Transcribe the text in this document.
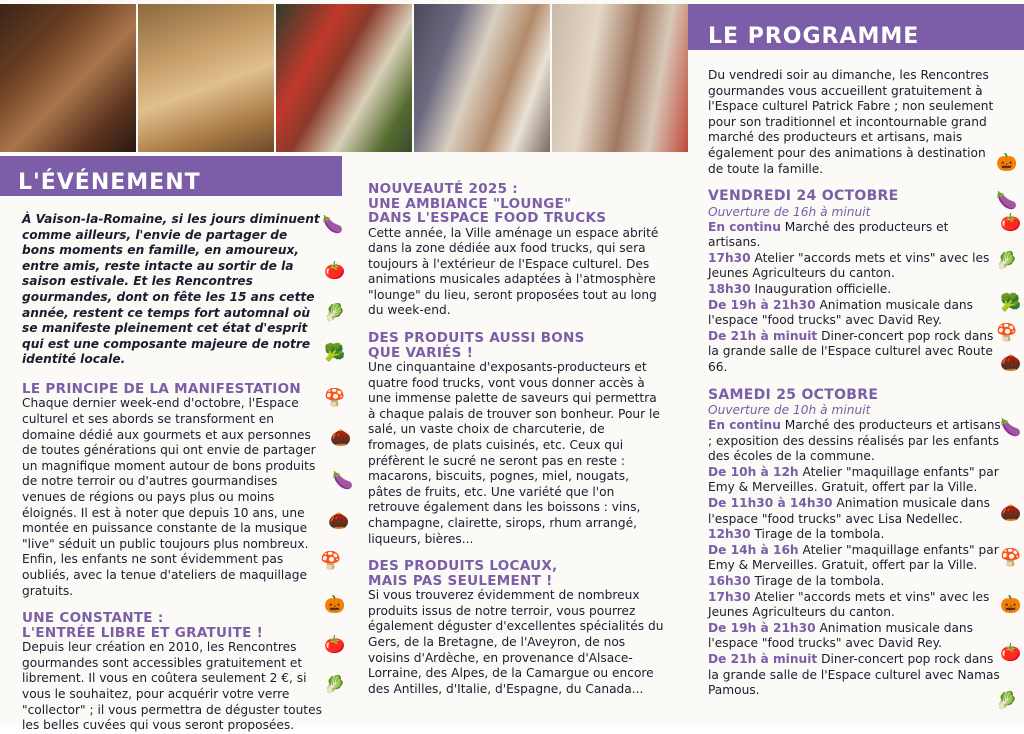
L'ÉVÉNEMENT
LE PROGRAMME

À Vaison-la-Romaine, si les jours diminuent comme ailleurs, l'envie de partager de bons moments en famille, en amoureux, entre amis, reste intacte au sortir de la saison estivale. Et les Rencontres gourmandes, dont on fête les 15 ans cette année, restent ce temps fort automnal où se manifeste pleinement cet état d'esprit qui est une composante majeure de notre identité locale.

LE PRINCIPE DE LA MANIFESTATION

Chaque dernier week-end d'octobre, l'Espace culturel et ses abords se transforment en domaine dédié aux gourmets et aux personnes de toutes générations qui ont envie de partager un magnifique moment autour de bons produits de notre terroir ou d'autres gourmandises venues de régions ou pays plus ou moins éloignés. Il est à noter que depuis 10 ans, une montée en puissance constante de la musique "live" séduit un public toujours plus nombreux. Enfin, les enfants ne sont évidemment pas oubliés, avec la tenue d'ateliers de maquillage gratuits.

UNE CONSTANTE :
L'ENTRÉE LIBRE ET GRATUITE !

Depuis leur création en 2010, les Rencontres gourmandes sont accessibles gratuitement et librement. Il vous en coûtera seulement 2 €, si vous le souhaitez, pour acquérir votre verre "collector" ; il vous permettra de déguster toutes les belles cuvées qui vous seront proposées.

NOUVEAUTÉ 2025 :
UNE AMBIANCE "LOUNGE"
DANS L'ESPACE FOOD TRUCKS

Cette année, la Ville aménage un espace abrité dans la zone dédiée aux food trucks, qui sera toujours à l'extérieur de l'Espace culturel. Des animations musicales adaptées à l'atmosphère "lounge" du lieu, seront proposées tout au long du week-end.

DES PRODUITS AUSSI BONS
QUE VARIÉS !

Une cinquantaine d'exposants-producteurs et quatre food trucks, vont vous donner accès à une immense palette de saveurs qui permettra à chaque palais de trouver son bonheur. Pour le salé, un vaste choix de charcuterie, de fromages, de plats cuisinés, etc. Ceux qui préfèrent le sucré ne seront pas en reste : macarons, biscuits, pognes, miel, nougats, pâtes de fruits, etc. Une variété que l'on retrouve également dans les boissons : vins, champagne, clairette, sirops, rhum arrangé, liqueurs, bières...

DES PRODUITS LOCAUX,
MAIS PAS SEULEMENT !

Si vous trouverez évidemment de nombreux produits issus de notre terroir, vous pourrez également déguster d'excellentes spécialités du Gers, de la Bretagne, de l'Aveyron, de nos voisins d'Ardèche, en provenance d'Alsace-Lorraine, des Alpes, de la Camargue ou encore des Antilles, d'Italie, d'Espagne, du Canada...

Du vendredi soir au dimanche, les Rencontres gourmandes vous accueillent gratuitement à l'Espace culturel Patrick Fabre ; non seulement pour son traditionnel et incontournable grand marché des producteurs et artisans, mais également pour des animations à destination de toute la famille.

VENDREDI 24 OCTOBRE
Ouverture de 16h à minuit

En continu Marché des producteurs et artisans.

17h30 Atelier "accords mets et vins" avec les Jeunes Agriculteurs du canton.

18h30 Inauguration officielle.

De 19h à 21h30 Animation musicale dans l'espace "food trucks" avec David Rey.

De 21h à minuit Diner-concert pop rock dans la grande salle de l'Espace culturel avec Route 66.

SAMEDI 25 OCTOBRE
Ouverture de 10h à minuit

En continu Marché des producteurs et artisans ; exposition des dessins réalisés par les enfants des écoles de la commune.

De 10h à 12h Atelier "maquillage enfants" par Emy & Merveilles. Gratuit, offert par la Ville.

De 11h30 à 14h30 Animation musicale dans l'espace "food trucks" avec Lisa Nedellec.

12h30 Tirage de la tombola.

De 14h à 16h Atelier "maquillage enfants" par Emy & Merveilles. Gratuit, offert par la Ville.

16h30 Tirage de la tombola.

17h30 Atelier "accords mets et vins" avec les Jeunes Agriculteurs du canton.

De 19h à 21h30 Animation musicale dans l'espace "food trucks" avec David Rey.

De 21h à minuit Diner-concert pop rock dans la grande salle de l'Espace culturel avec Namas Pamous.

🍆
🍅
🥬
🥦
🍄
🌰
🍆
🌰
🍄
🎃
🍅
🥬
🎃
🍆
🍅
🥬
🥦
🍄
🌰
🍆
🌰
🍄
🎃
🍅
🥬
